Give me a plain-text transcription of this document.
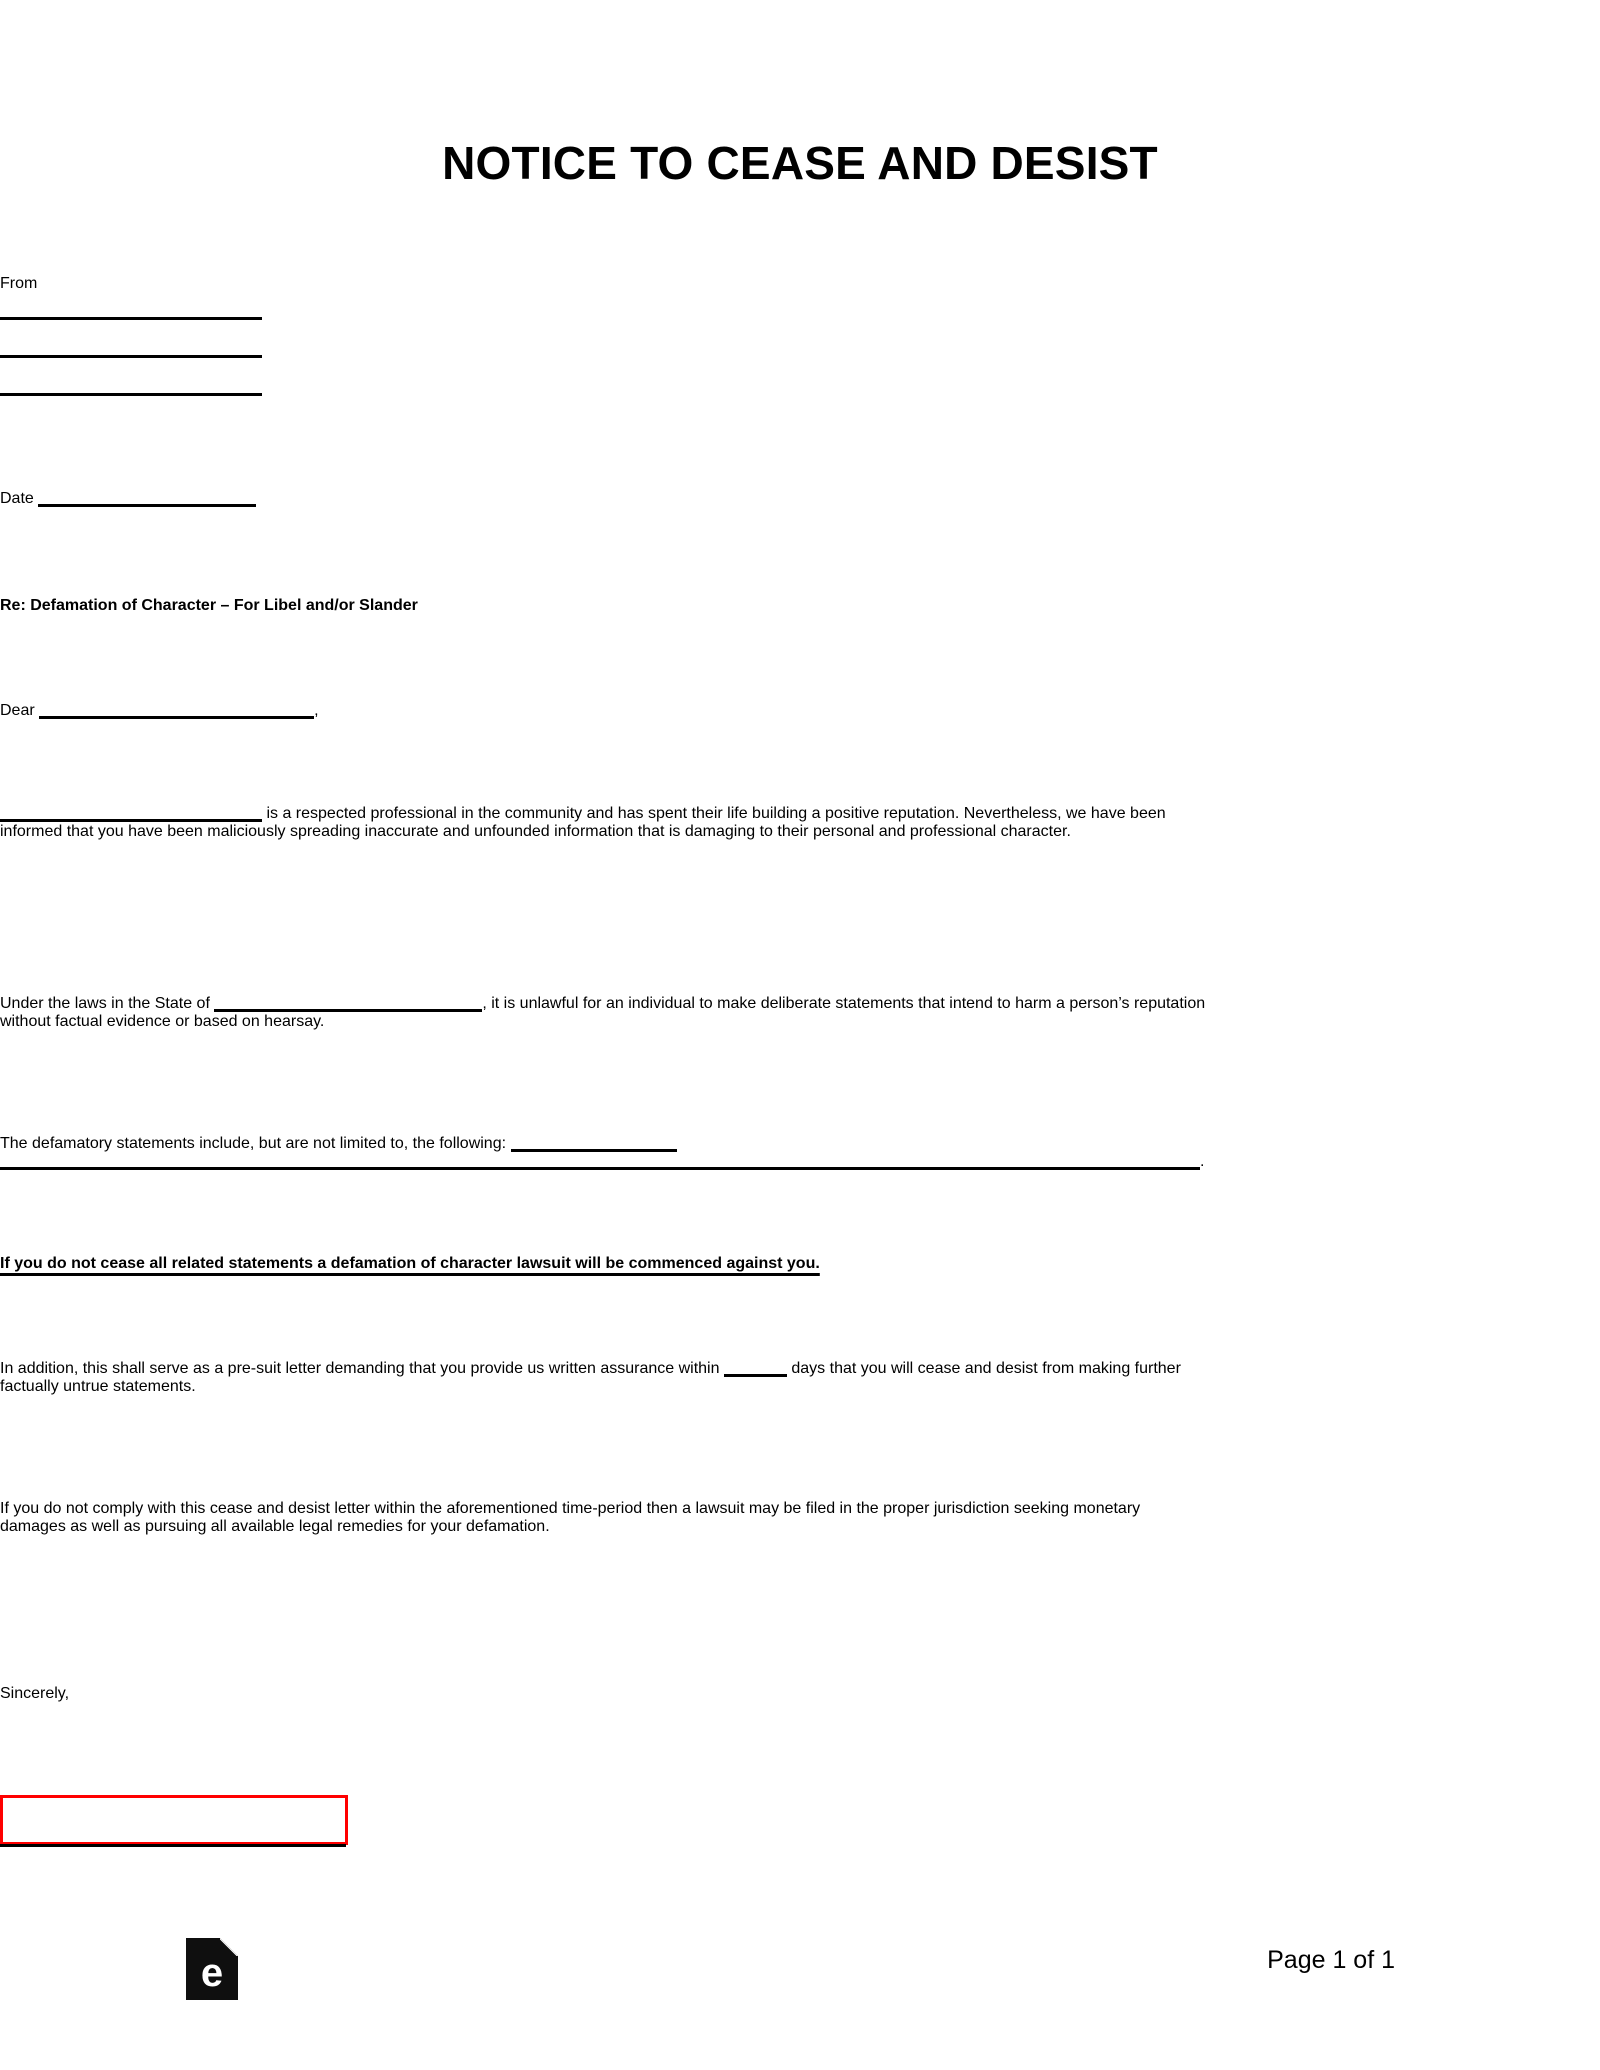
NOTICE TO CEASE AND DESIST
From
Date
Re: Defamation of Character – For Libel and/or Slander
Dear	,
is a respected professional in the community and has spent their life building a positive reputation. Nevertheless, we have been informed that you have been maliciously spreading inaccurate and unfounded information that is damaging to their personal and professional character.
Under the laws in the State of	, it is unlawful for an individual to make deliberate statements that intend to harm a person’s reputation without factual evidence or based on hearsay.
The defamatory statements include, but are not limited to, the following:
.
If you do not cease all related statements a defamation of character lawsuit will be commenced against you.
In addition, this shall serve as a pre-suit letter demanding that you provide us written assurance within	days that you will cease and desist from making further factually untrue statements.
If you do not comply with this cease and desist letter within the aforementioned time-period then a lawsuit may be filed in the proper jurisdiction seeking monetary damages as well as pursuing all available legal remedies for your defamation.
Sincerely,
e	Page 1 of 1
